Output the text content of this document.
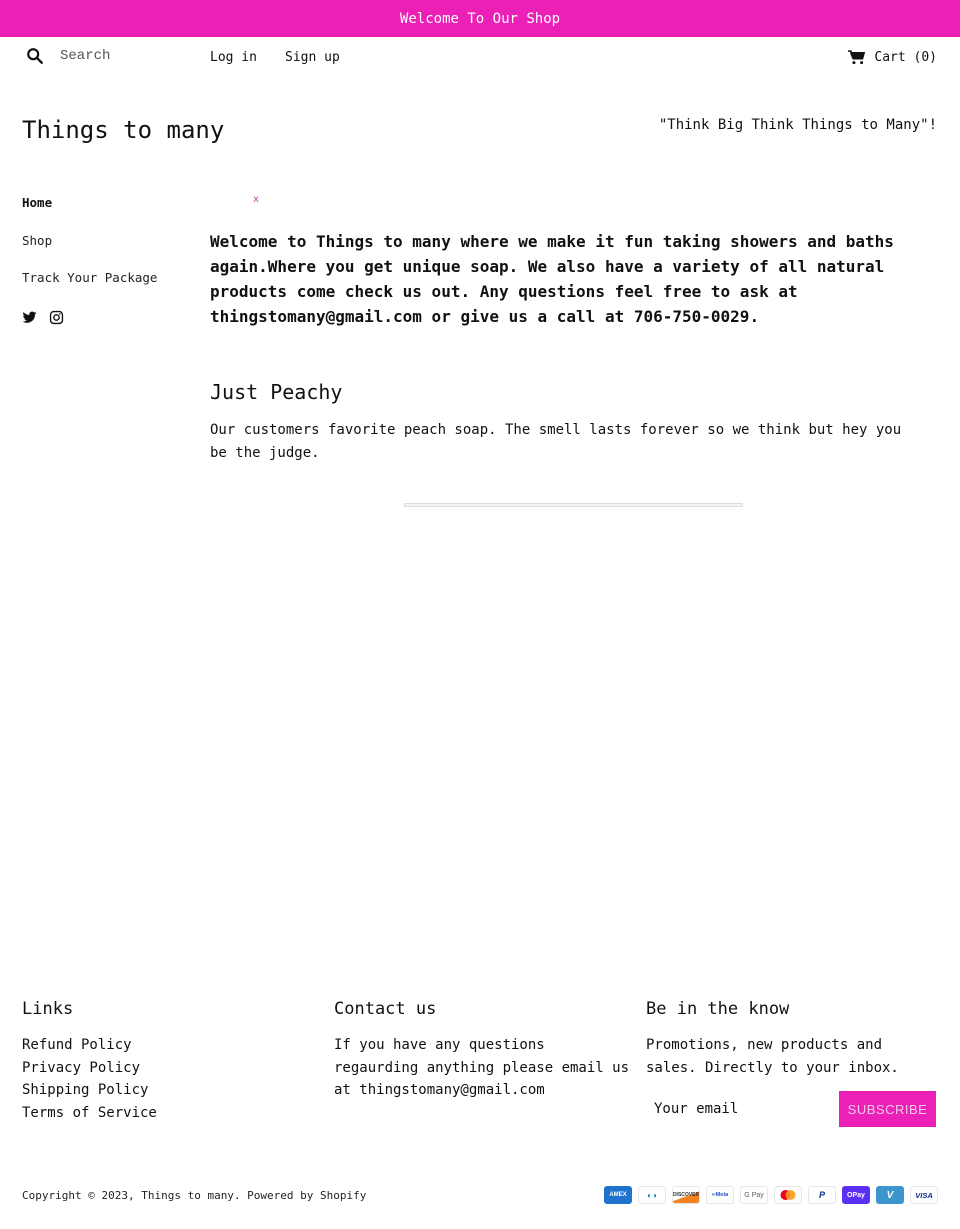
Welcome To Our Shop
Search
Log in Sign up	Cart (0)
Things to many	"Think Big Think Things to Many"!
Home
Shop
Track Your Package
x

Welcome to Things to many where we make it fun taking showers and baths again.Where you get unique soap. We also have a variety of all natural products come check us out. Any questions feel free to ask at thingstomany@gmail.com or give us a call at 706-750-0029.

Just Peachy

Our customers favorite peach soap. The smell lasts forever so we think but hey you be the judge.

Links
Refund Policy
Privacy Policy
Shipping Policy
Terms of Service
Contact us

If you have any questions regaurding anything please email us at thingstomany@gmail.com

Be in the know

Promotions, new products and sales. Directly to your inbox.

Your email
SUBSCRIBE
Copyright © 2023, Things to many. Powered by Shopify	AMEX	◐◑	DISCOVER ∞Meta G Pay	P	OPay V	VISA
